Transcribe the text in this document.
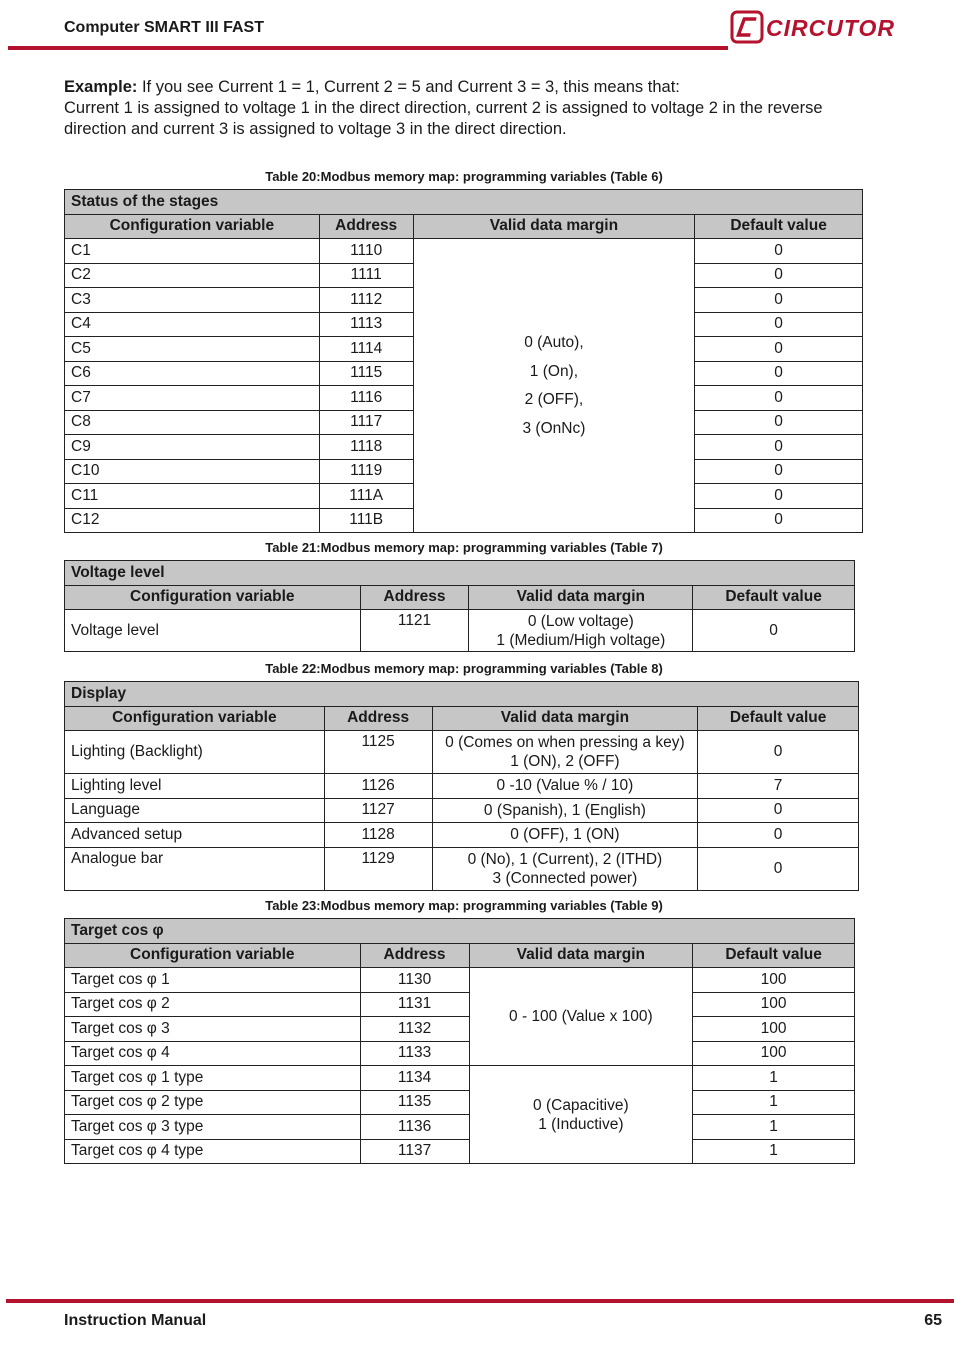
Computer SMART III FAST	CIRCUTOR
Example: If you see Current 1 = 1, Current 2 = 5 and Current 3 = 3, this means that:
Current 1 is assigned to voltage 1 in the direct direction, current 2 is assigned to voltage 2 in the reverse direction and current 3 is assigned to voltage 3 in the direct direction.
Table 20:Modbus memory map: programming variables (Table 6)
Status of the stages			
Configuration variable	Address	Valid data margin	Default value
C1	1110	0 (Auto),
1 (On),
2 (OFF),
3 (OnNc)	0
C2	1111		0
C3	1112		0
C4	1113		0
C5	1114		0
C6	1115		0
C7	1116		0
C8	1117		0
C9	1118		0
C10	1119		0
C11	111A		0
C12	111B		0
Table 21:Modbus memory map: programming variables (Table 7)
Voltage level			
Configuration variable	Address	Valid data margin	Default value
Voltage level	1121	0 (Low voltage)
1 (Medium/High voltage)	0
Table 22:Modbus memory map: programming variables (Table 8)
Display			
Configuration variable	Address	Valid data margin	Default value
Lighting (Backlight)	1125	0 (Comes on when pressing a key)
1 (ON), 2 (OFF)	0
Lighting level	1126	0 -10 (Value % / 10)	7
Language	1127	0 (Spanish), 1 (English)	0
Advanced setup	1128	0 (OFF), 1 (ON)	0
Analogue bar	1129	0 (No), 1 (Current), 2 (ITHD)
3 (Connected power)	0
Table 23:Modbus memory map: programming variables (Table 9)
Target cos φ			
Configuration variable	Address	Valid data margin	Default value
Target cos φ 1	1130	0 - 100 (Value x 100)	100
Target cos φ 2	1131		100
Target cos φ 3	1132		100
Target cos φ 4	1133		100
Target cos φ 1 type	1134	0 (Capacitive)
1 (Inductive)	1
Target cos φ 2 type	1135		1
Target cos φ 3 type	1136		1
Target cos φ 4 type	1137		1
Instruction Manual	65
